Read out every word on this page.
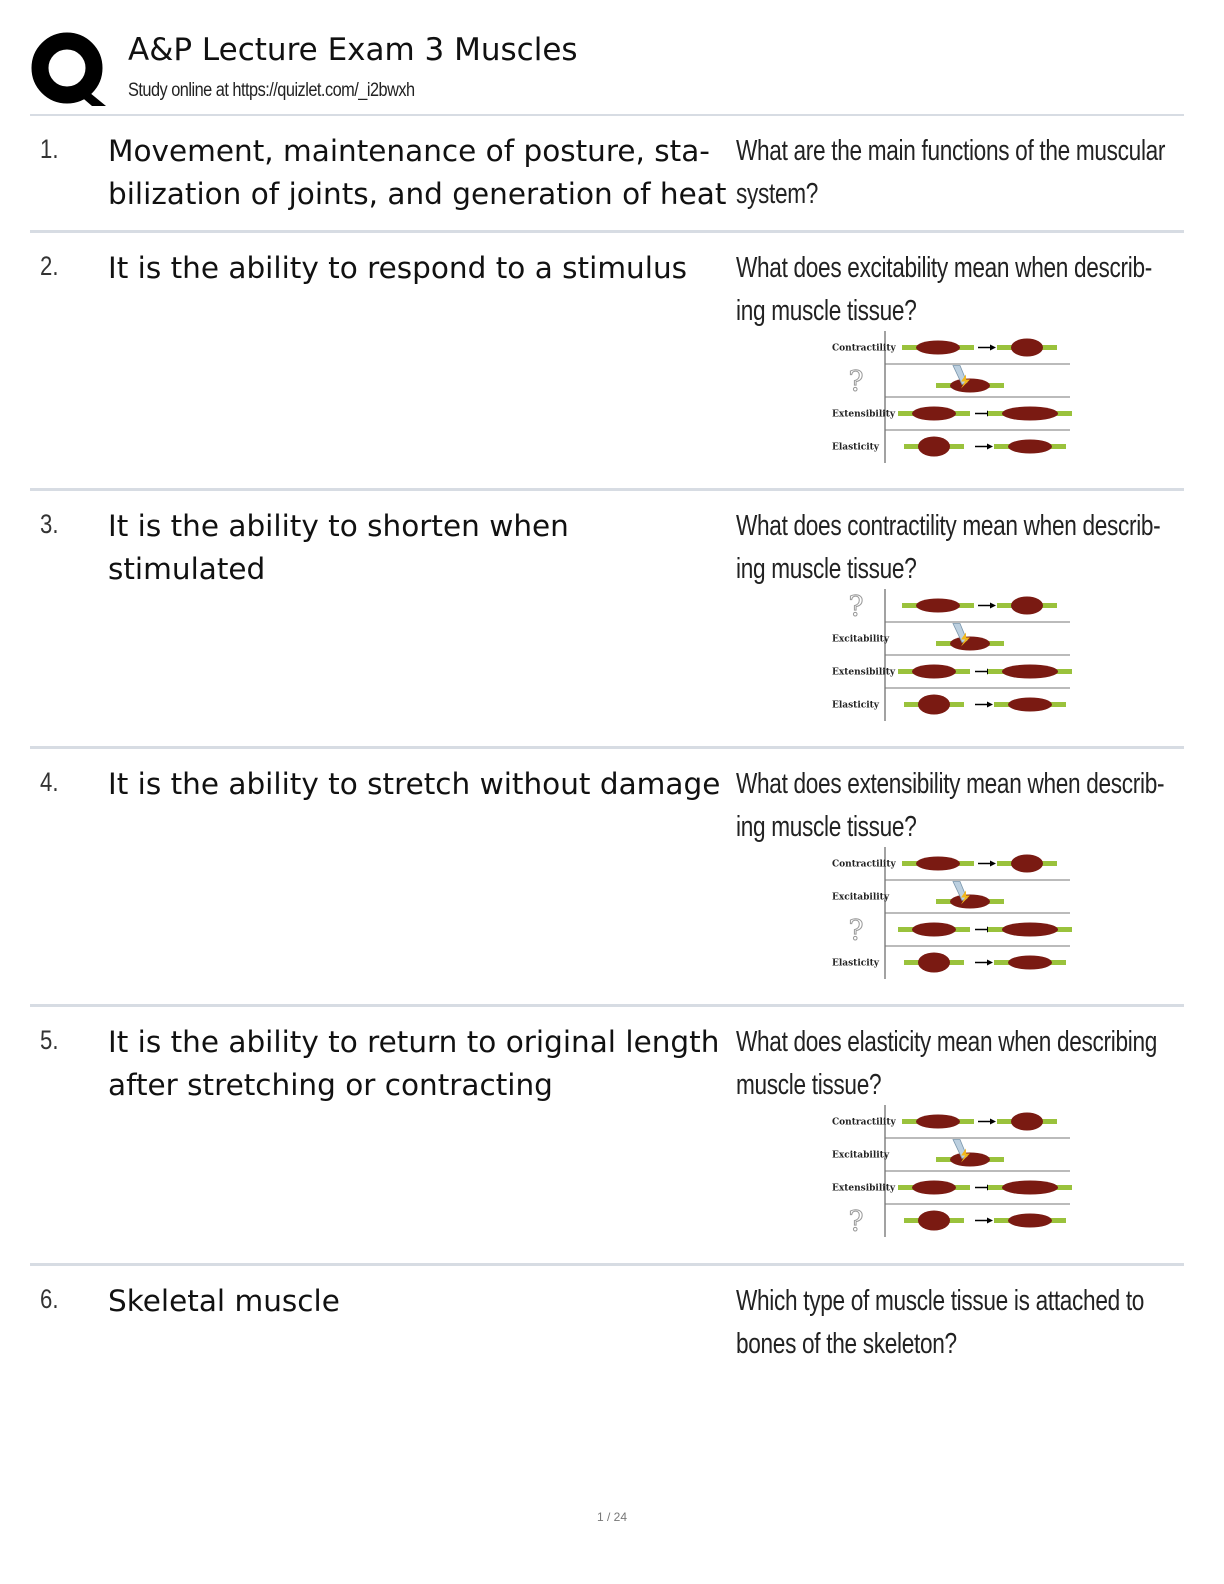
A&P Lecture Exam 3 Muscles
Study online at https://quizlet.com/_i2bwxh
1. Movement, maintenance of posture, sta-bilization of joints, and generation of heat
What are the main functions of the muscular system?
2. It is the ability to respond to a stimulus	What does excitability mean when describ-ing muscle tissue?
Contractility
?
Extensibility
Elasticity
3. It is the ability to shorten when stimulated
What does contractility mean when describ-ing muscle tissue?
?
Excitability
Extensibility
Elasticity
4. It is the ability to stretch without damage What does extensibility mean when describ-ing muscle tissue?
Contractility
Excitability
?
Elasticity
5. It is the ability to return to original length after stretching or contracting
What does elasticity mean when describing muscle tissue?
Contractility
Excitability
Extensibility
?
6. Skeletal muscle	Which type of muscle tissue is attached to bones of the skeleton?
1 / 24
